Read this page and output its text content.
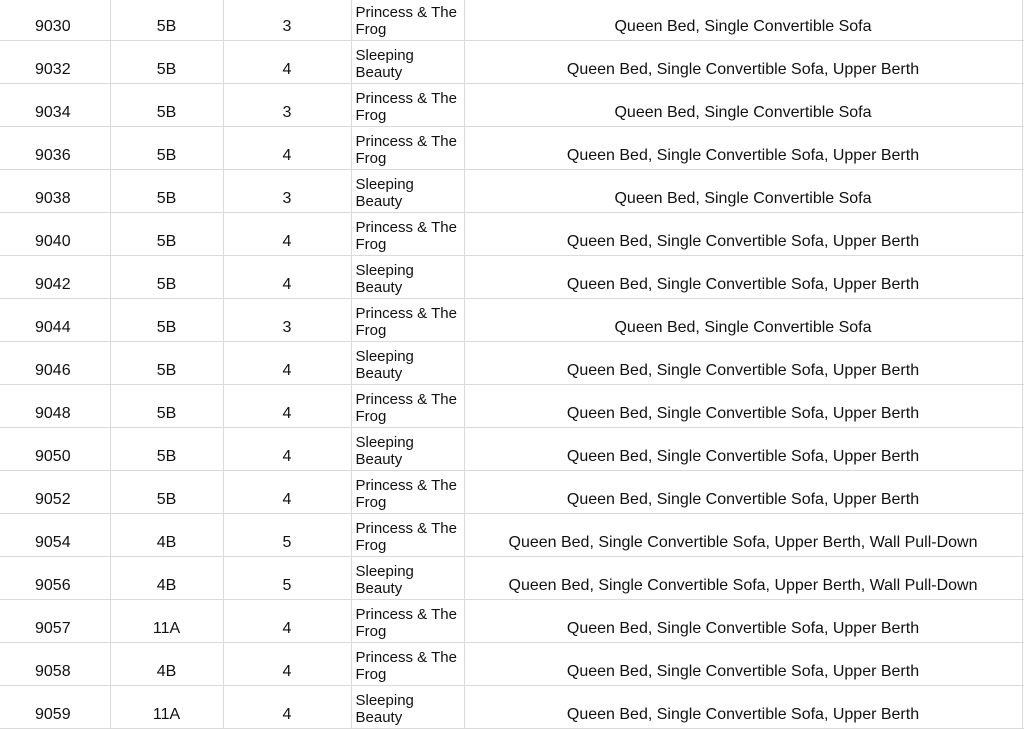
9030	5B	3	Princess & The Frog	Queen Bed, Single Convertible Sofa	
9032	5B	4	Sleeping Beauty	Queen Bed, Single Convertible Sofa, Upper Berth	
9034	5B	3	Princess & The Frog	Queen Bed, Single Convertible Sofa	
9036	5B	4	Princess & The Frog	Queen Bed, Single Convertible Sofa, Upper Berth	
9038	5B	3	Sleeping Beauty	Queen Bed, Single Convertible Sofa	
9040	5B	4	Princess & The Frog	Queen Bed, Single Convertible Sofa, Upper Berth	
9042	5B	4	Sleeping Beauty	Queen Bed, Single Convertible Sofa, Upper Berth	
9044	5B	3	Princess & The Frog	Queen Bed, Single Convertible Sofa	
9046	5B	4	Sleeping Beauty	Queen Bed, Single Convertible Sofa, Upper Berth	
9048	5B	4	Princess & The Frog	Queen Bed, Single Convertible Sofa, Upper Berth	
9050	5B	4	Sleeping Beauty	Queen Bed, Single Convertible Sofa, Upper Berth	
9052	5B	4	Princess & The Frog	Queen Bed, Single Convertible Sofa, Upper Berth	
9054	4B	5	Princess & The Frog	Queen Bed, Single Convertible Sofa, Upper Berth, Wall Pull-Down	
9056	4B	5	Sleeping Beauty	Queen Bed, Single Convertible Sofa, Upper Berth, Wall Pull-Down	
9057	11A	4	Princess & The Frog	Queen Bed, Single Convertible Sofa, Upper Berth	
9058	4B	4	Princess & The Frog	Queen Bed, Single Convertible Sofa, Upper Berth	
9059	11A	4	Sleeping Beauty	Queen Bed, Single Convertible Sofa, Upper Berth	
